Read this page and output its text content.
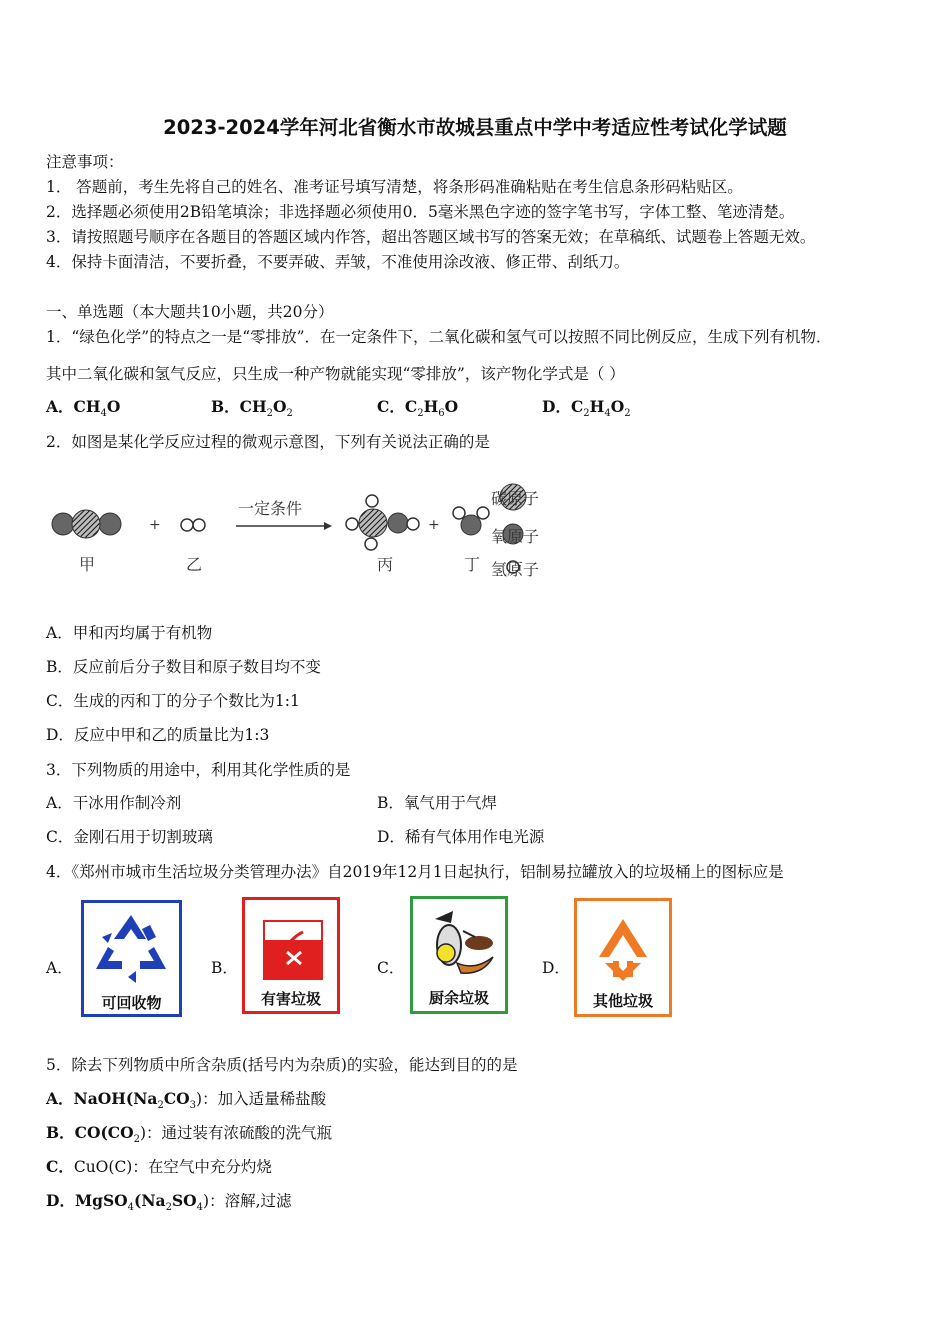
2023-2024学年河北省衡水市故城县重点中学中考适应性考试化学试题
注意事项：
1． 答题前，考生先将自己的姓名、准考证号填写清楚，将条形码准确粘贴在考生信息条形码粘贴区。
2．选择题必须使用2B铅笔填涂；非选择题必须使用0．5毫米黑色字迹的签字笔书写，字体工整、笔迹清楚。
3．请按照题号顺序在各题目的答题区域内作答，超出答题区域书写的答案无效；在草稿纸、试题卷上答题无效。
4．保持卡面清洁，不要折叠，不要弄破、弄皱，不准使用涂改液、修正带、刮纸刀。
一、单选题（本大题共10小题，共20分）
1．“绿色化学”的特点之一是“零排放”．在一定条件下，二氧化碳和氢气可以按照不同比例反应，生成下列有机物．
其中二氧化碳和氢气反应，只生成一种产物就能实现“零排放”，该产物化学式是（ ）
A．$CH_4O$	B．$CH_2O_2$	C．$C_2H_6O$	D．$C_2H_4O_2$
2．如图是某化学反应过程的微观示意图，下列有关说法正确的是
+	+
碳原子
氧原子
氢原子
一定条件
甲	乙	丙	丁
A．甲和丙均属于有机物
B．反应前后分子数目和原子数目均不变
C．生成的丙和丁的分子个数比为1:1
D．反应中甲和乙的质量比为1:3
3．下列物质的用途中，利用其化学性质的是
A．干冰用作制冷剂	B．氧气用于气焊
C．金刚石用于切割玻璃	D．稀有气体用作电光源
4．《郑州市城市生活垃圾分类管理办法》自2019年12月1日起执行，铝制易拉罐放入的垃圾桶上的图标应是
A．
可回收物
B．
有害垃圾
C．
厨余垃圾
D．
其他垃圾
5．除去下列物质中所含杂质(括号内为杂质)的实验，能达到目的的是
A．$NaOH(Na_2CO_3)$：加入适量稀盐酸
B．$CO(CO_2)$：通过装有浓硫酸的洗气瓶
C．CuO(C)：在空气中充分灼烧
D．$MgSO_4(Na_2SO_4)$：溶解,过滤
